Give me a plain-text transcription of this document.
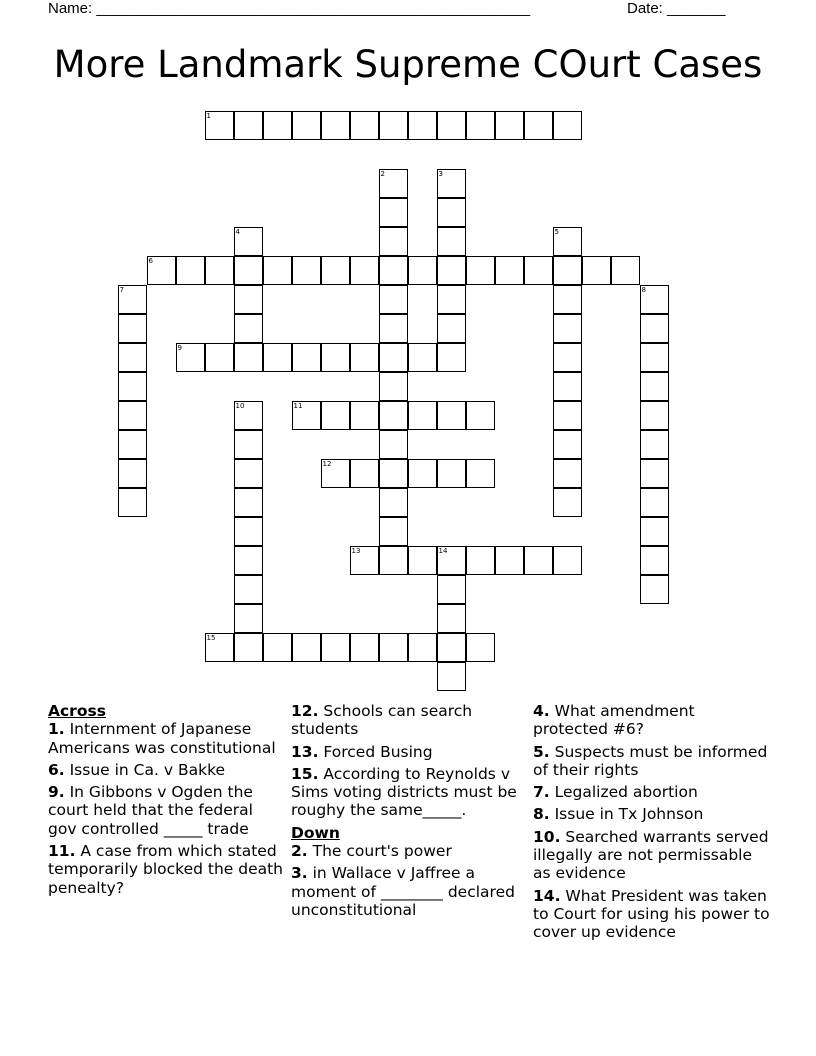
Name: ____________________________________________________	Date: _______
More Landmark Supreme COurt Cases
1
2	3
4	5
6
7	8
9
10	11
12
13	14
15
Across

1. Internment of Japanese Americans was constitutional

6. Issue in Ca. v Bakke

9. In Gibbons v Ogden the court held that the federal gov controlled _____ trade

11. A case from which stated temporarily blocked the death penealty?

12. Schools can search students

13. Forced Busing

15. According to Reynolds v Sims voting districts must be roughy the same_____.

Down

2. The court's power

3. in Wallace v Jaffree a moment of ________ declared unconstitutional

4. What amendment protected #6?

5. Suspects must be informed of their rights

7. Legalized abortion

8. Issue in Tx Johnson

10. Searched warrants served illegally are not permissable as evidence

14. What President was taken to Court for using his power to cover up evidence
